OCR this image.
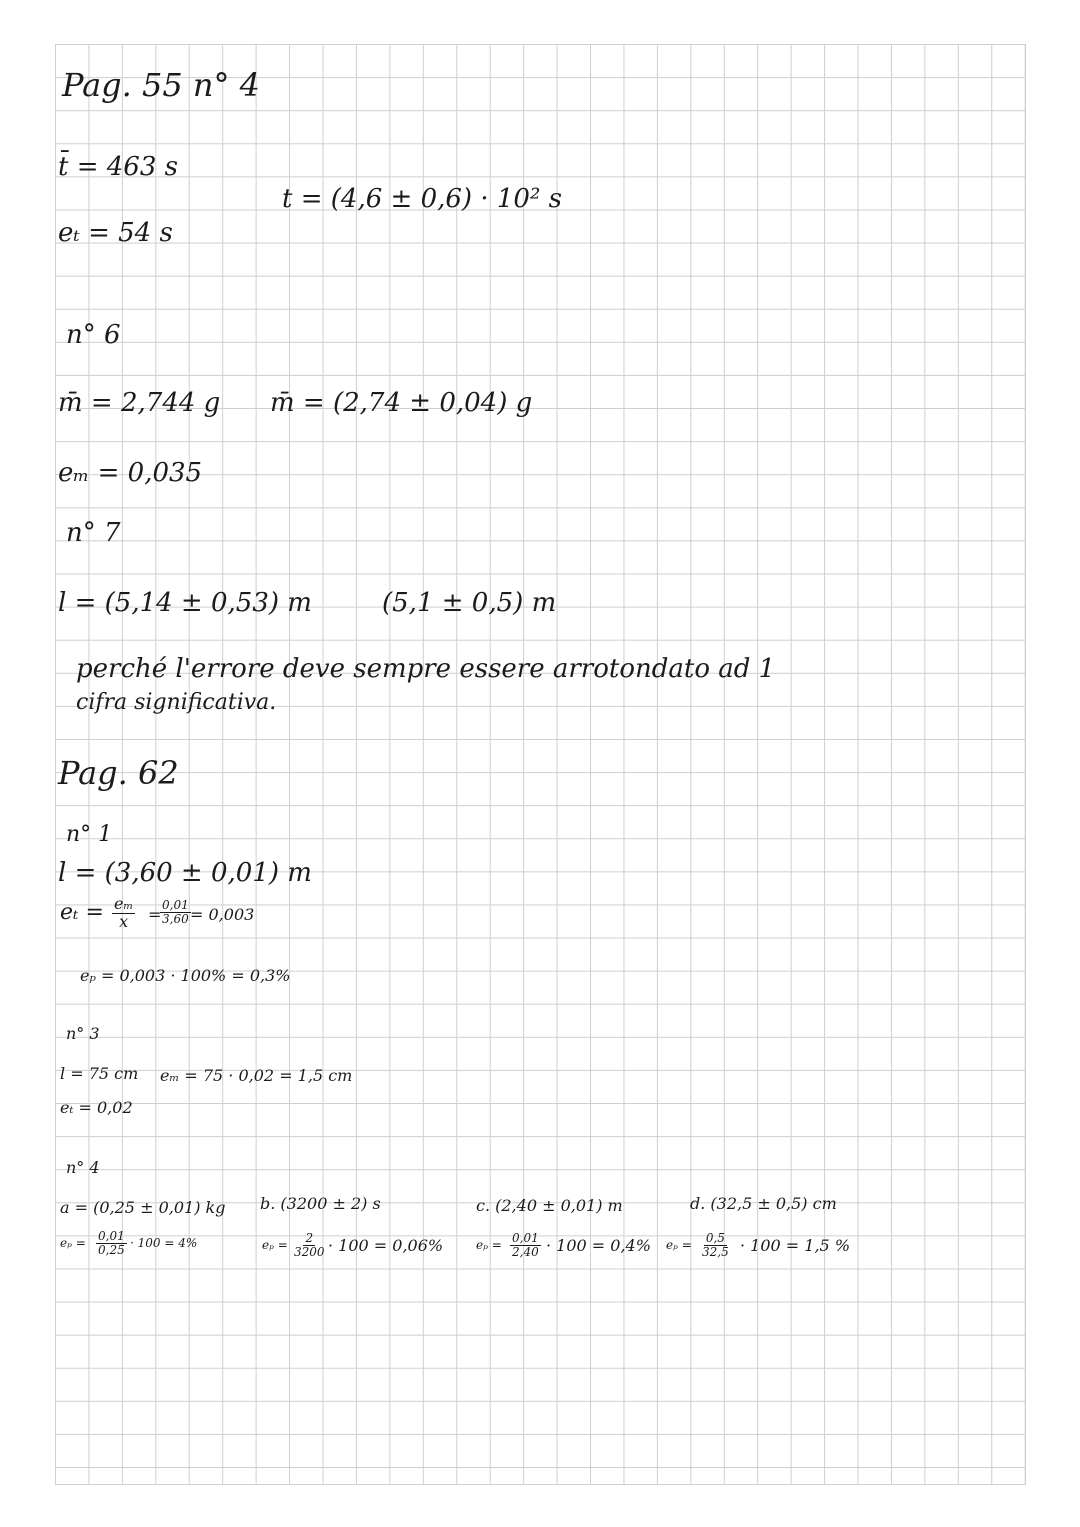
Pag. 55 n° 4
t̄ = 463 s
t = (4,6 ± 0,6) · 10² s
eₜ = 54 s
n° 6
m̄ = 2,744 g m̄ = (2,74 ± 0,04) g
eₘ = 0,035
n° 7
l = (5,14 ± 0,53) m	(5,1 ± 0,5) m
perché l'errore deve sempre essere arrotondato ad 1
cifra significativa.
Pag. 62
n° 1
l = (3,60 ± 0,01) m
$e_t = \frac{\text{eₘ}}{x}$ =
$\frac{0,01}{3,60} = 0,003$
eₚ = 0,003 · 100% = 0,3%
n° 3
l = 75 cm eₘ = 75 · 0,02 = 1,5 cm
eₜ = 0,02
n° 4
a = (0,25 ± 0,01) kg b. (3200 ± 2) s	c. (2,40 ± 0,01) m	d. (32,5 ± 0,5) cm
$e_p = \frac{0,01}{0,25} \cdot 100 = 4\%$	$e_p = \frac{2}{3200} \cdot 100 = 0,06\%$	$e_p = \frac{0,01}{2,40} \cdot 100 = 0,4\%$ $e_p = \frac{0,5}{32,5} \cdot 100 = 1,5$ %
